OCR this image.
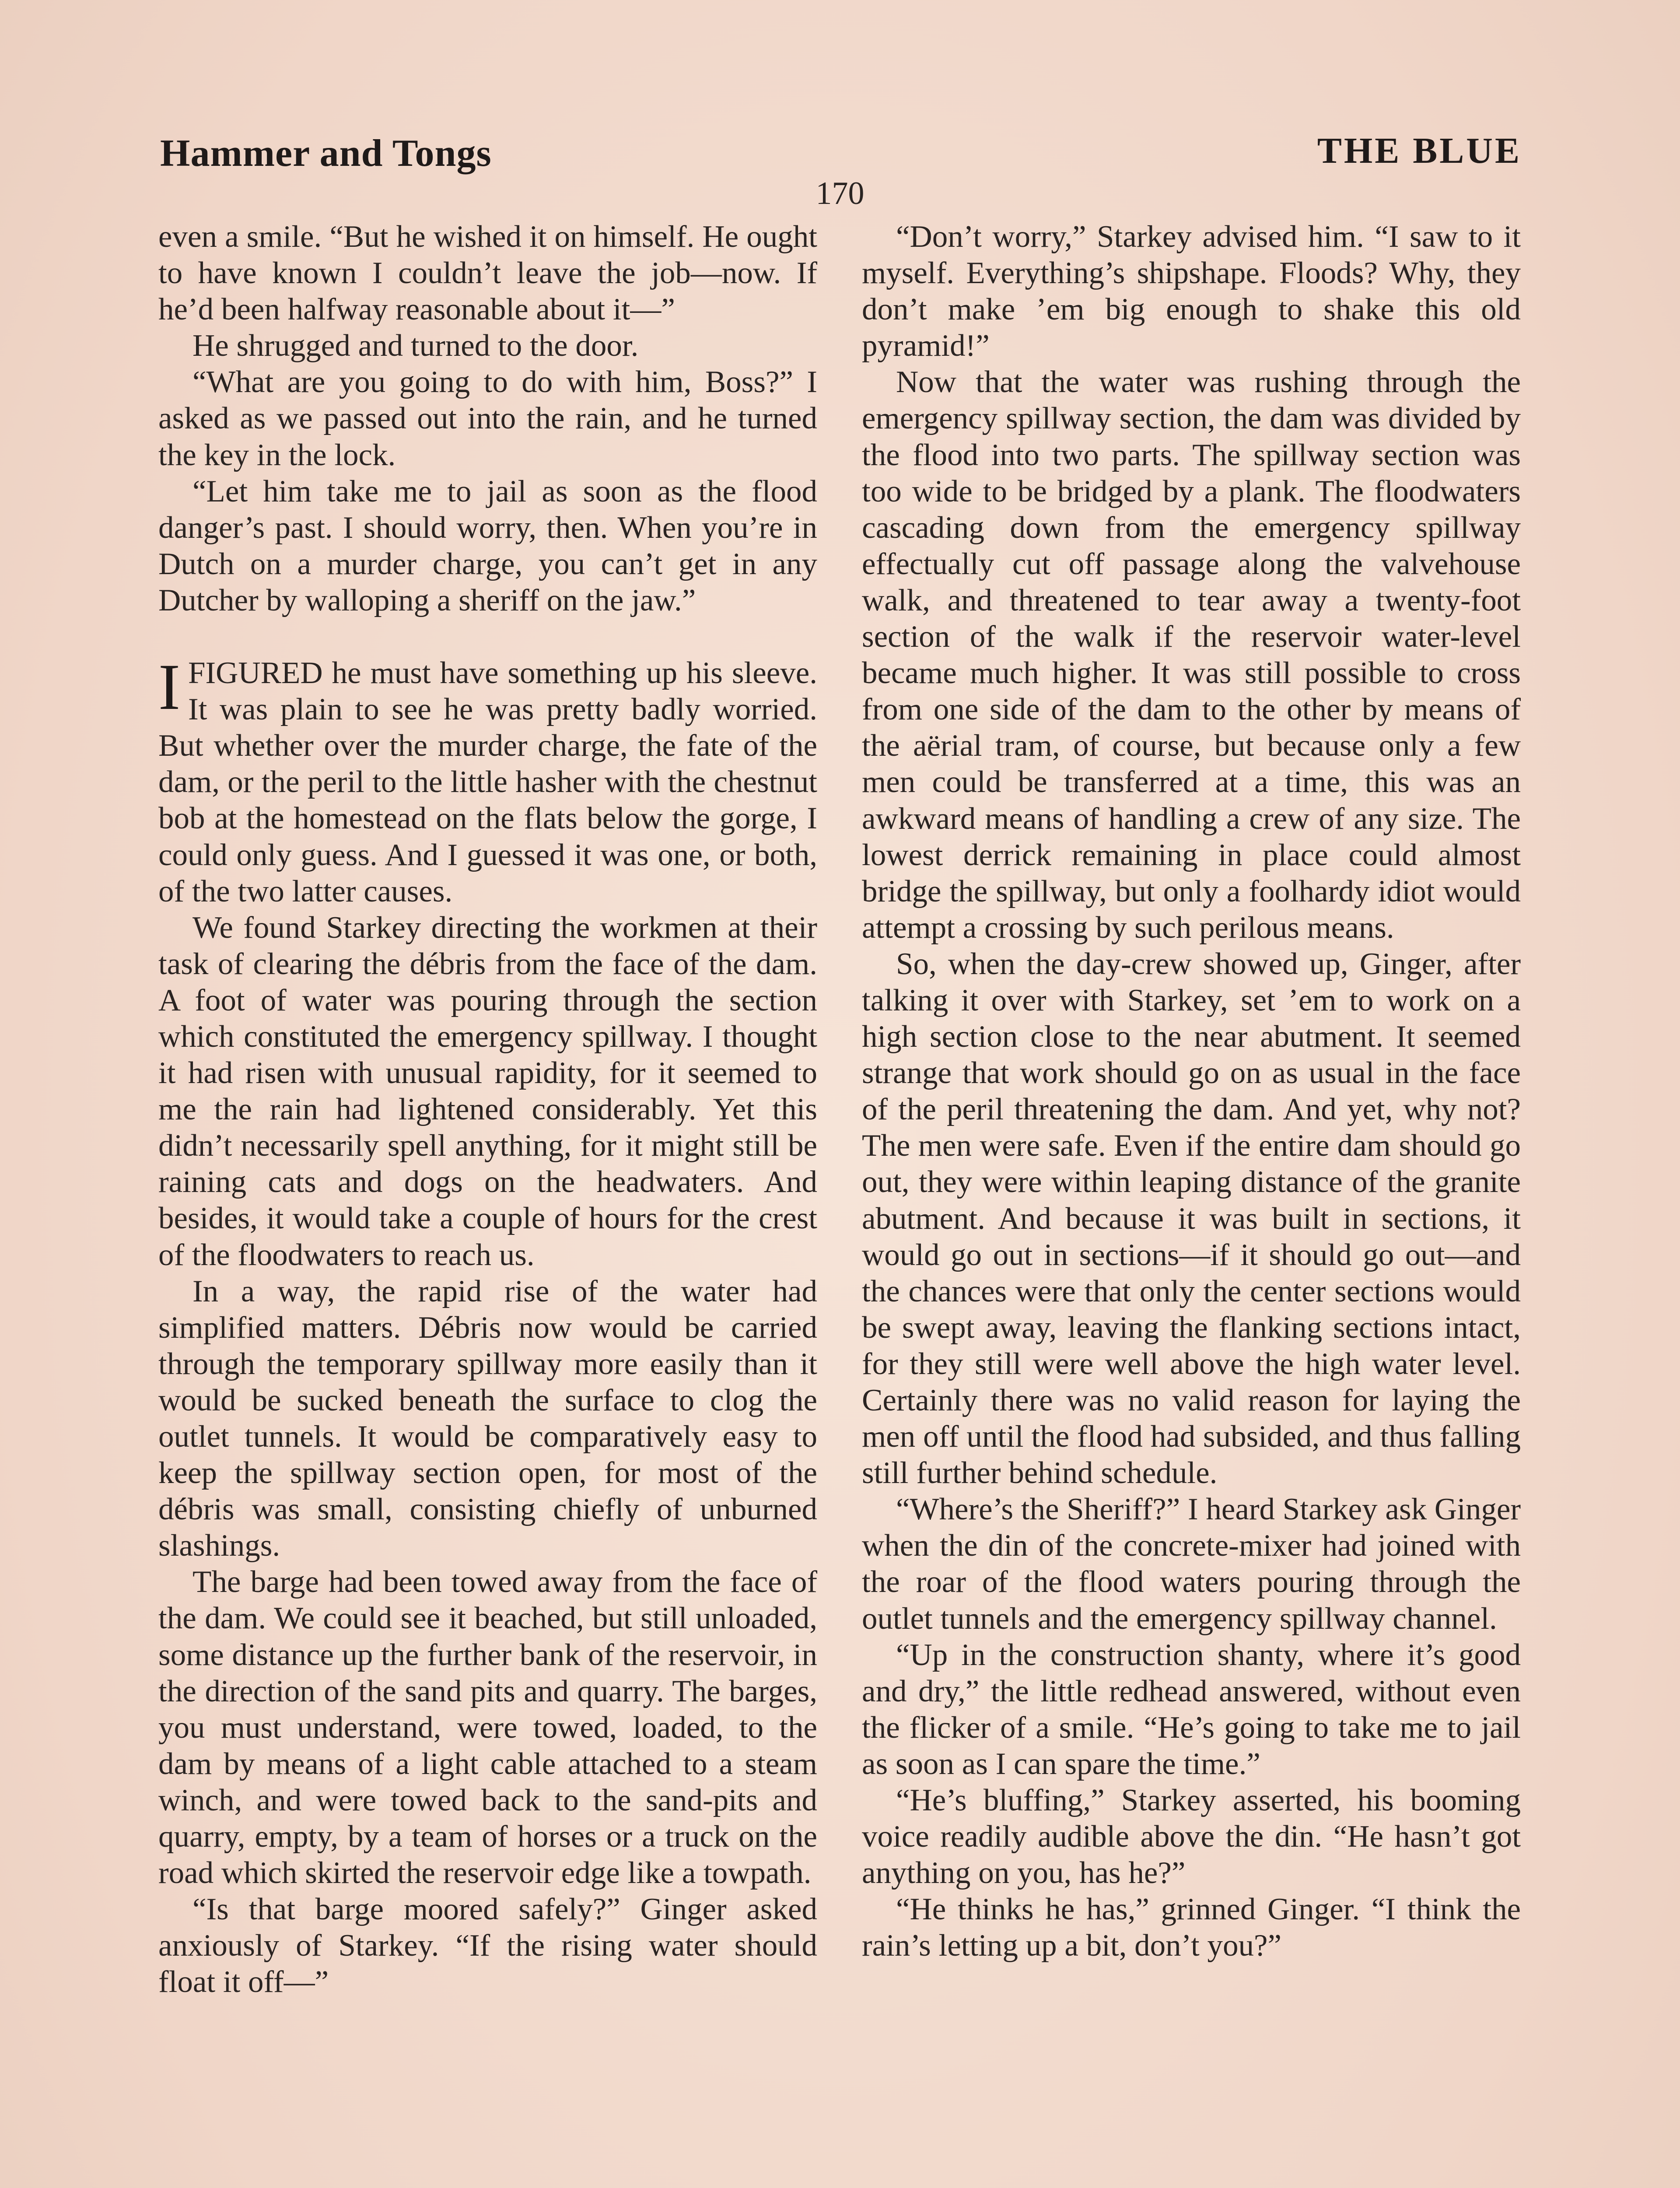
Hammer and Tongs	THE BLUE
170

even a smile. “But he wished it on himself. He ought to have known I couldn’t leave the job—now. If he’d been halfway reasonable about it—”

He shrugged and turned to the door.

“What are you going to do with him, Boss?” I asked as we passed out into the rain, and he turned the key in the lock.

“Let him take me to jail as soon as the flood danger’s past. I should worry, then. When you’re in Dutch on a murder charge, you can’t get in any Dutcher by walloping a sheriff on the jaw.”

IFIGURED he must have something up his sleeve. It was plain to see he was pretty badly worried. But whether over the murder charge, the fate of the dam, or the peril to the little hasher with the chestnut bob at the homestead on the flats below the gorge, I could only guess. And I guessed it was one, or both, of the two latter causes.

We found Starkey directing the workmen at their task of clearing the débris from the face of the dam. A foot of water was pouring through the section which constituted the emergency spillway. I thought it had risen with unusual rapidity, for it seemed to me the rain had lightened considerably. Yet this didn’t necessarily spell anything, for it might still be raining cats and dogs on the headwaters. And besides, it would take a couple of hours for the crest of the floodwaters to reach us.

In a way, the rapid rise of the water had simplified matters. Débris now would be carried through the temporary spillway more easily than it would be sucked beneath the surface to clog the outlet tunnels. It would be comparatively easy to keep the spillway section open, for most of the débris was small, consisting chiefly of unburned slashings.

The barge had been towed away from the face of the dam. We could see it beached, but still unloaded, some distance up the further bank of the reservoir, in the direction of the sand pits and quarry. The barges, you must understand, were towed, loaded, to the dam by means of a light cable attached to a steam winch, and were towed back to the sand-pits and quarry, empty, by a team of horses or a truck on the road which skirted the reservoir edge like a towpath.

“Is that barge moored safely?” Ginger asked anxiously of Starkey. “If the rising water should float it off—”

“Don’t worry,” Starkey advised him. “I saw to it myself. Everything’s shipshape. Floods? Why, they don’t make ’em big enough to shake this old pyramid!”

Now that the water was rushing through the emergency spillway section, the dam was divided by the flood into two parts. The spillway section was too wide to be bridged by a plank. The floodwaters cascading down from the emergency spillway effectually cut off passage along the valvehouse walk, and threatened to tear away a twenty-foot section of the walk if the reservoir water-level became much higher. It was still possible to cross from one side of the dam to the other by means of the aërial tram, of course, but because only a few men could be transferred at a time, this was an awkward means of handling a crew of any size. The lowest derrick remaining in place could almost bridge the spillway, but only a foolhardy idiot would attempt a crossing by such perilous means.

So, when the day-crew showed up, Ginger, after talking it over with Starkey, set ’em to work on a high section close to the near abutment. It seemed strange that work should go on as usual in the face of the peril threatening the dam. And yet, why not? The men were safe. Even if the entire dam should go out, they were within leaping distance of the granite abutment. And because it was built in sections, it would go out in sections—if it should go out—and the chances were that only the center sections would be swept away, leaving the flanking sections intact, for they still were well above the high water level. Certainly there was no valid reason for laying the men off until the flood had subsided, and thus falling still further behind schedule.

“Where’s the Sheriff?” I heard Starkey ask Ginger when the din of the concrete-mixer had joined with the roar of the flood waters pouring through the outlet tunnels and the emergency spillway channel.

“Up in the construction shanty, where it’s good and dry,” the little redhead answered, without even the flicker of a smile. “He’s going to take me to jail as soon as I can spare the time.”

“He’s bluffing,” Starkey asserted, his booming voice readily audible above the din. “He hasn’t got anything on you, has he?”

“He thinks he has,” grinned Ginger. “I think the rain’s letting up a bit, don’t you?”
